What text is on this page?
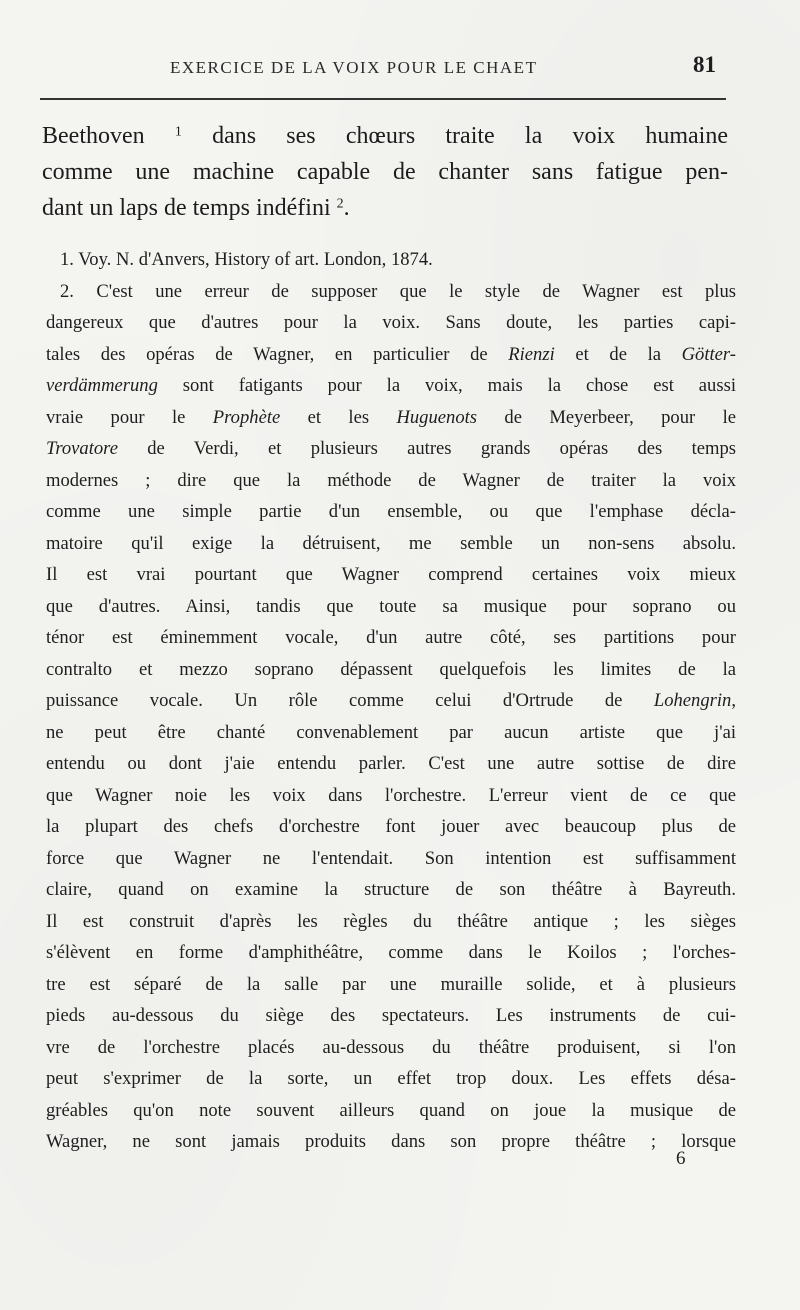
EXERCICE DE LA VOIX POUR LE CHAET	81
Beethoven $^1$ dans ses chœurs traite la voix humaine
comme une machine capable de chanter sans fatigue pen-
dant un laps de temps indéfini $^2$.
1. Voy. N. d'Anvers, History of art. London, 1874.
2. C'est une erreur de supposer que le style de Wagner est plus
dangereux que d'autres pour la voix. Sans doute, les parties capi-
tales des opéras de Wagner, en particulier de Rienzi et de la Götter-
verdämmerung sont fatigants pour la voix, mais la chose est aussi
vraie pour le Prophète et les Huguenots de Meyerbeer, pour le
Trovatore de Verdi, et plusieurs autres grands opéras des temps
modernes ; dire que la méthode de Wagner de traiter la voix
comme une simple partie d'un ensemble, ou que l'emphase décla-
matoire qu'il exige la détruisent, me semble un non-sens absolu.
Il est vrai pourtant que Wagner comprend certaines voix mieux
que d'autres. Ainsi, tandis que toute sa musique pour soprano ou
ténor est éminemment vocale, d'un autre côté, ses partitions pour
contralto et mezzo soprano dépassent quelquefois les limites de la
puissance vocale. Un rôle comme celui d'Ortrude de Lohengrin,
ne peut être chanté convenablement par aucun artiste que j'ai
entendu ou dont j'aie entendu parler. C'est une autre sottise de dire
que Wagner noie les voix dans l'orchestre. L'erreur vient de ce que
la plupart des chefs d'orchestre font jouer avec beaucoup plus de
force que Wagner ne l'entendait. Son intention est suffisamment
claire, quand on examine la structure de son théâtre à Bayreuth.
Il est construit d'après les règles du théâtre antique ; les sièges
s'élèvent en forme d'amphithéâtre, comme dans le Koilos ; l'orches-
tre est séparé de la salle par une muraille solide, et à plusieurs
pieds au-dessous du siège des spectateurs. Les instruments de cui-
vre de l'orchestre placés au-dessous du théâtre produisent, si l'on
peut s'exprimer de la sorte, un effet trop doux. Les effets désa-
gréables qu'on note souvent ailleurs quand on joue la musique de
Wagner, ne sont jamais produits dans son propre théâtre ; lorsque
6
